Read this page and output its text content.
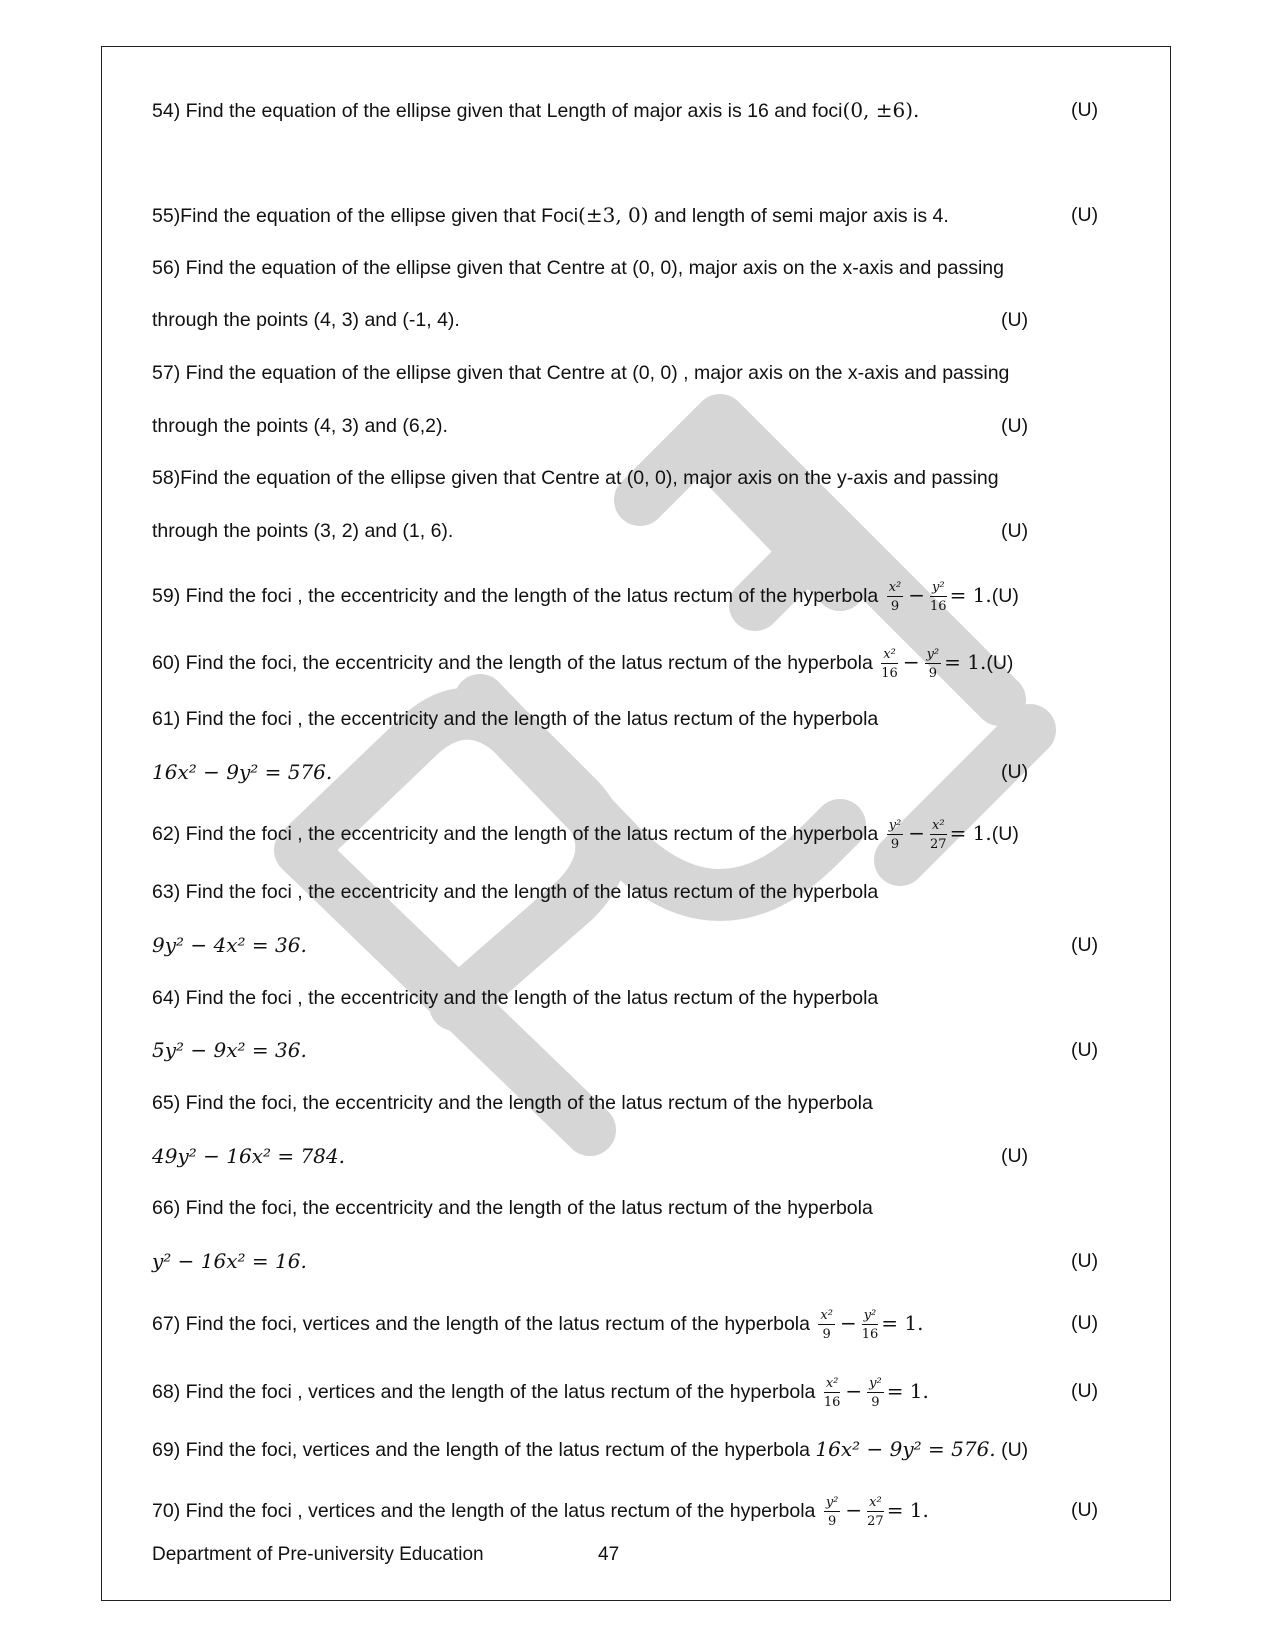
54) Find the equation of the ellipse given that Length of major axis is 16 and foci(0, ±6).	(U)
55)Find the equation of the ellipse given that Foci(±3, 0) and length of semi major axis is 4.	(U)
56) Find the equation of the ellipse given that Centre at (0, 0), major axis on the x-axis and passing
through the points (4, 3) and (-1, 4).	(U)
57) Find the equation of the ellipse given that Centre at (0, 0) , major axis on the x-axis and passing
through the points (4, 3) and (6,2).	(U)
58)Find the equation of the ellipse given that Centre at (0, 0), major axis on the y-axis and passing
through the points (3, 2) and (1, 6).	(U)
59) Find the foci , the eccentricity and the length of the latus rectum of the hyperbola $\frac{\text{x²}}{9} - \frac{\text{y²}}{16} = 1.(U)$
60) Find the foci, the eccentricity and the length of the latus rectum of the hyperbola $\frac{\text{x²}}{16} - \frac{\text{y²}}{9} = 1.(U)$
61) Find the foci , the eccentricity and the length of the latus rectum of the hyperbola
16x² − 9y² = 576.	(U)
62) Find the foci , the eccentricity and the length of the latus rectum of the hyperbola $\frac{\text{y²}}{9} - \frac{\text{x²}}{27} = 1.(U)$
63) Find the foci , the eccentricity and the length of the latus rectum of the hyperbola
9y² − 4x² = 36.	(U)
64) Find the foci , the eccentricity and the length of the latus rectum of the hyperbola
5y² − 9x² = 36.	(U)
65) Find the foci, the eccentricity and the length of the latus rectum of the hyperbola
49y² − 16x² = 784.	(U)
66) Find the foci, the eccentricity and the length of the latus rectum of the hyperbola
y² − 16x² = 16.	(U)
67) Find the foci, vertices and the length of the latus rectum of the hyperbola $\frac{\text{x²}}{9} - \frac{\text{y²}}{16} = 1$.	(U)
68) Find the foci , vertices and the length of the latus rectum of the hyperbola $\frac{\text{x²}}{16} - \frac{\text{y²}}{9} = 1$.	(U)
69) Find the foci, vertices and the length of the latus rectum of the hyperbola 16x² − 9y² = 576. (U)
70) Find the foci , vertices and the length of the latus rectum of the hyperbola $\frac{\text{y²}}{9} - \frac{\text{x²}}{27} = 1$.	(U)
Department of Pre-university Education	47
